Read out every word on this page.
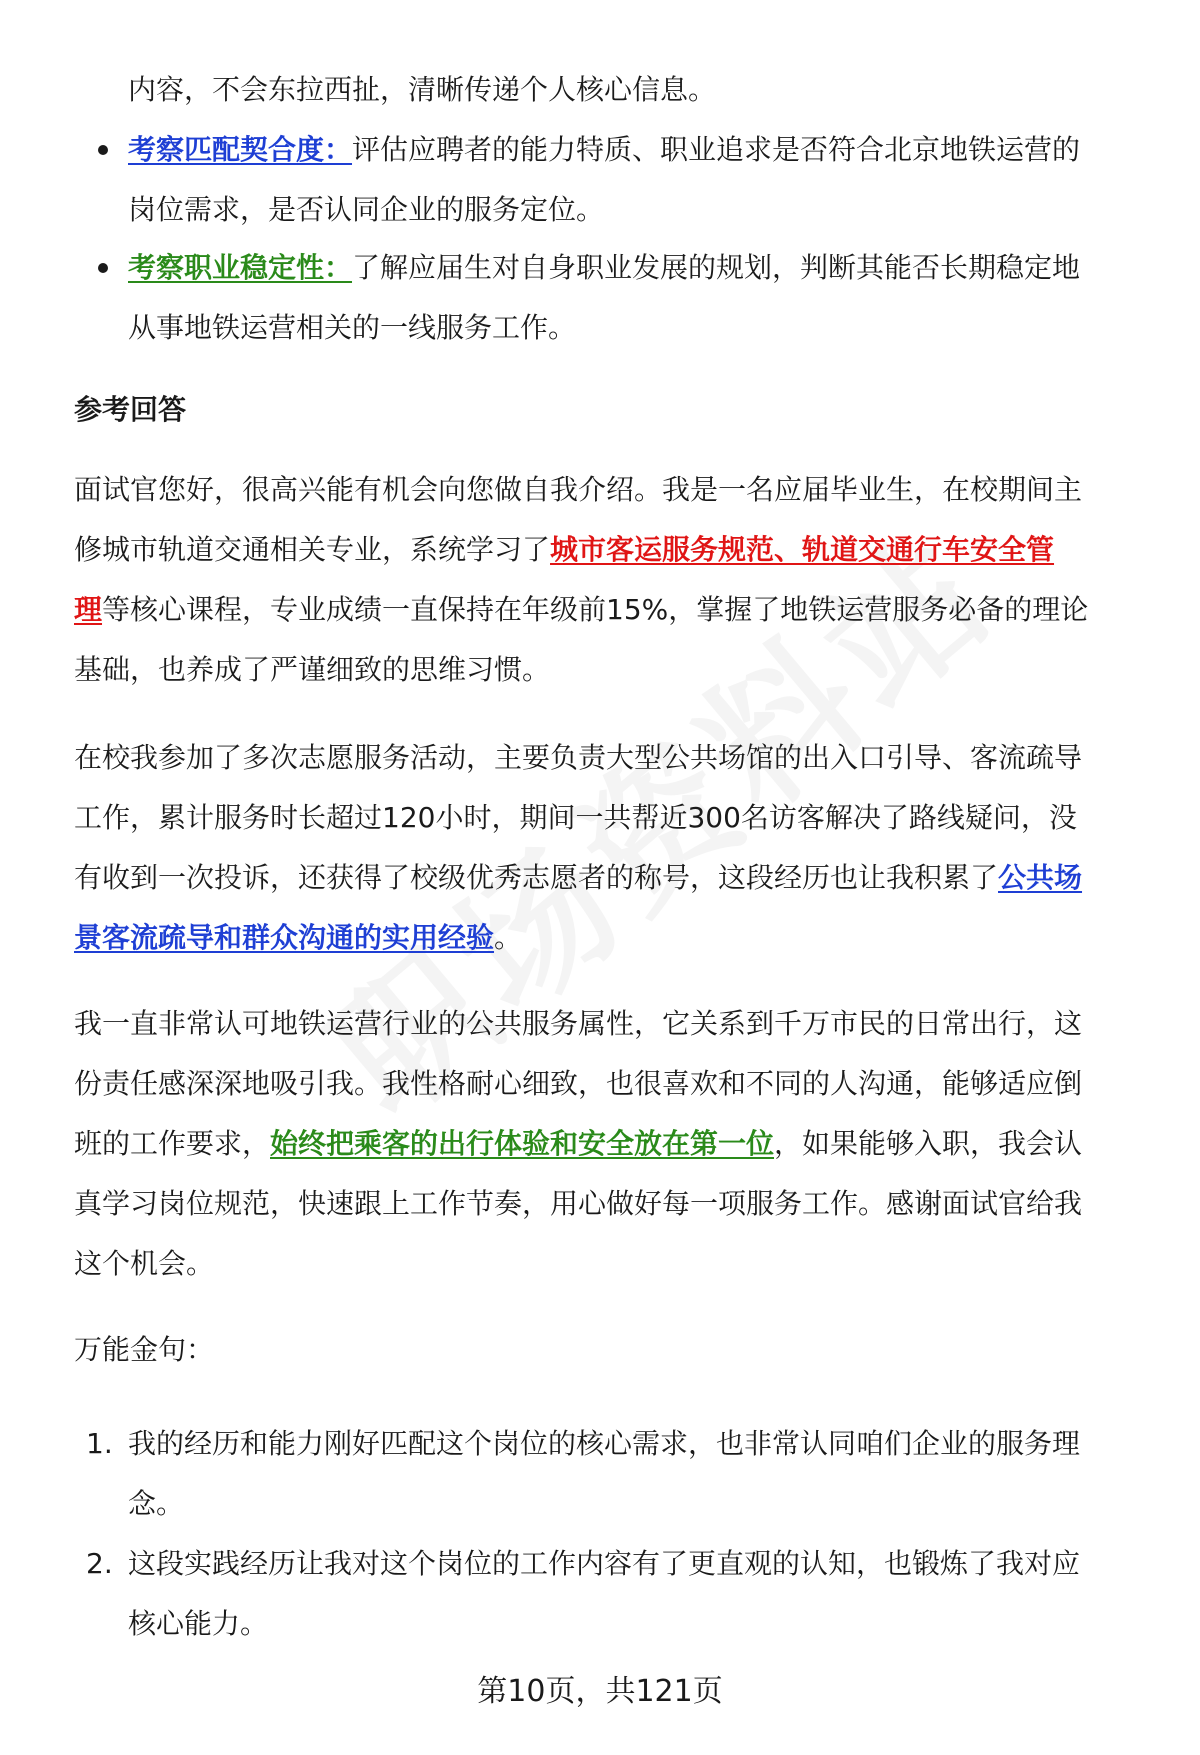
内容，不会东拉西扯，清晰传递个人核心信息。
考察匹配契合度：评估应聘者的能力特质、职业追求是否符合北京地铁运营的
岗位需求，是否认同企业的服务定位。
考察职业稳定性：了解应届生对自身职业发展的规划，判断其能否长期稳定地
从事地铁运营相关的一线服务工作。
参考回答
面试官您好，很高兴能有机会向您做自我介绍。我是一名应届毕业生，在校期间主
修城市轨道交通相关专业，系统学习了城市客运服务规范、轨道交通行车安全管
理等核心课程，专业成绩一直保持在年级前15%，掌握了地铁运营服务必备的理论
基础，也养成了严谨细致的思维习惯。
在校我参加了多次志愿服务活动，主要负责大型公共场馆的出入口引导、客流疏导
工作，累计服务时长超过120小时，期间一共帮近300名访客解决了路线疑问，没
有收到一次投诉，还获得了校级优秀志愿者的称号，这段经历也让我积累了公共场
景客流疏导和群众沟通的实用经验。
我一直非常认可地铁运营行业的公共服务属性，它关系到千万市民的日常出行，这
份责任感深深地吸引我。我性格耐心细致，也很喜欢和不同的人沟通，能够适应倒
班的工作要求，始终把乘客的出行体验和安全放在第一位，如果能够入职，我会认
真学习岗位规范，快速跟上工作节奏，用心做好每一项服务工作。感谢面试官给我
这个机会。
万能金句：
1. 我的经历和能力刚好匹配这个岗位的核心需求，也非常认同咱们企业的服务理
念。
2. 这段实践经历让我对这个岗位的工作内容有了更直观的认知，也锻炼了我对应
核心能力。
第10页，共121页
